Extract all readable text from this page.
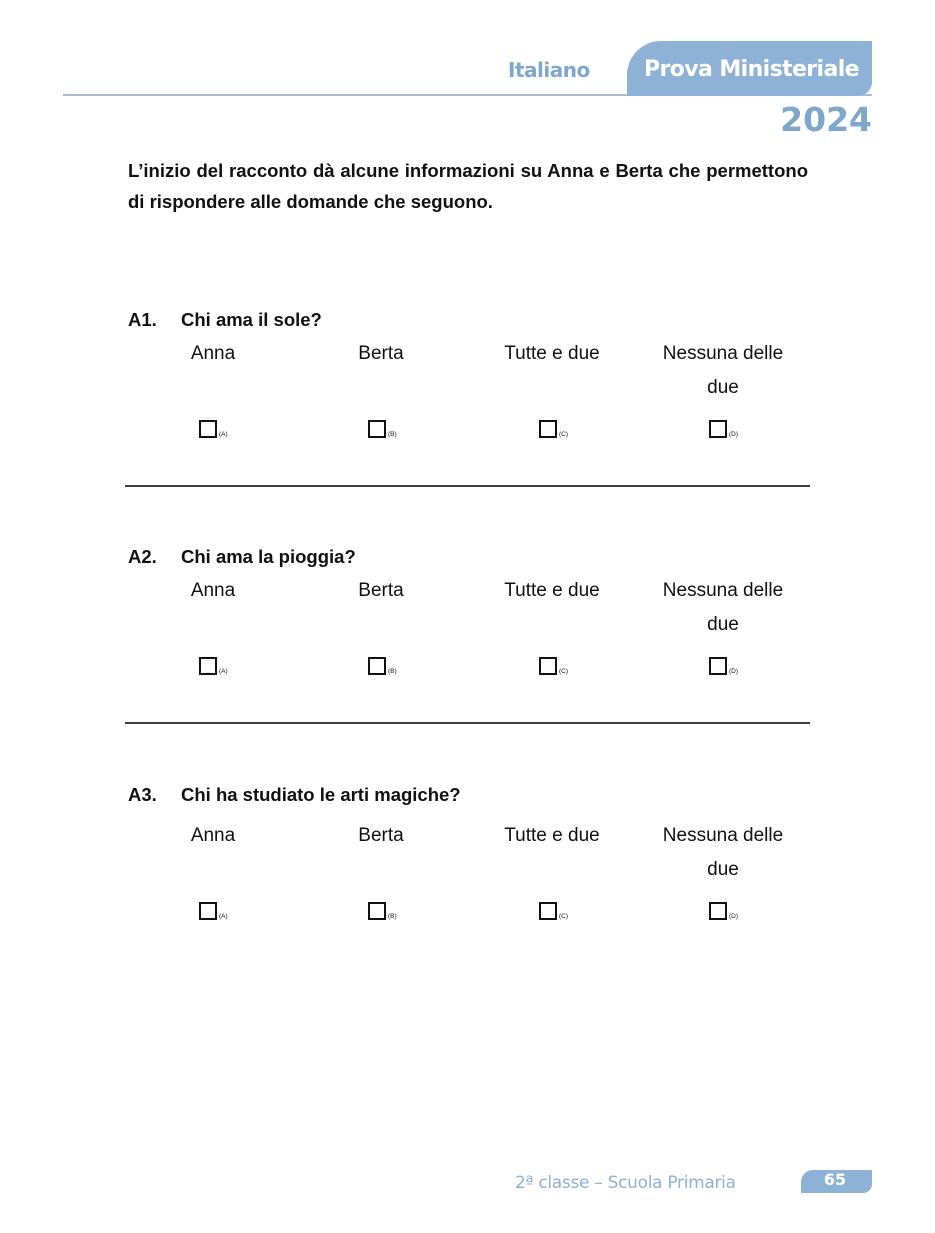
Italiano Prova Ministeriale
2024
L’inizio del racconto dà alcune informazioni su Anna e Berta che permettono di rispondere alle domande che seguono.
A1.	Chi ama il sole?
Anna	Berta	Tutte e due	Nessuna delle due
(A)	(B)	(C)	(D)
A2.	Chi ama la pioggia?
Anna	Berta	Tutte e due	Nessuna delle due
(A)	(B)	(C)	(D)
A3.	Chi ha studiato le arti magiche?
Anna	Berta	Tutte e due	Nessuna delle due
(A)	(B)	(C)	(D)
2ª classe – Scuola Primaria	65
